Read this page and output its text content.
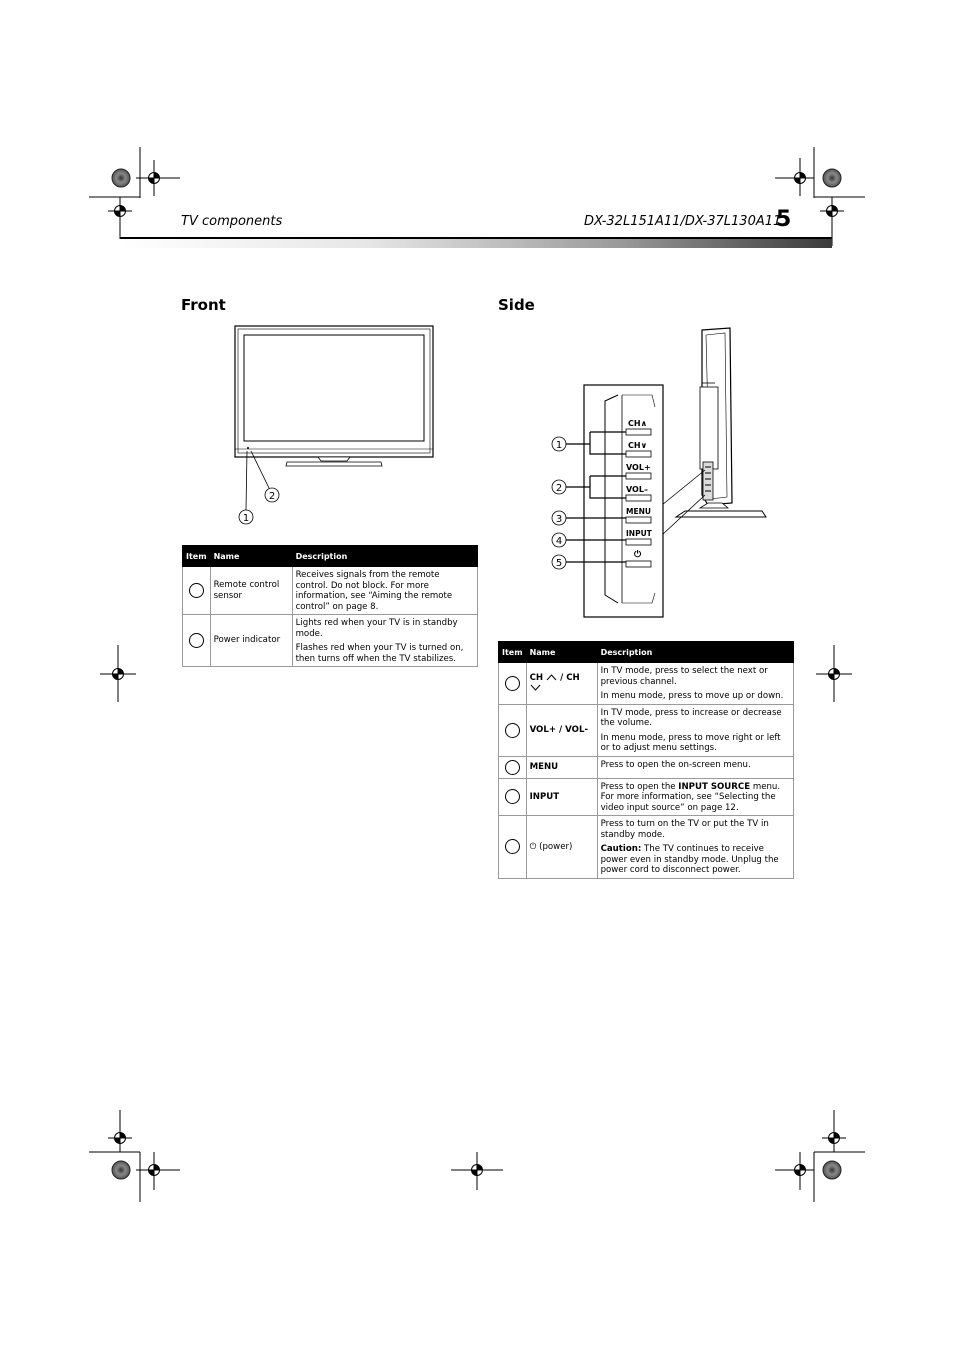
TV components	DX-32L151A11/DX-37L130A11
5
Front
1
2
Item	Name	Description

	Remote control sensor	Receives signals from the remote control. Do not block. For more information, see “Aiming the remote control” on page 8.

	Power indicator	Lights red when your TV is in standby mode.
Flashes red when your TV is turned on, then turns off when the TV stabilizes.
Side
CH∧
CH∨
VOL+
VOL–
MENU
INPUT
⏻
1
2
3
4
5
Item	Name	Description

	CH / CH	In TV mode, press to select the next or previous channel.
In menu mode, press to move up or down.

	VOL+ / VOL-	In TV mode, press to increase or decrease the volume.
In menu mode, press to move right or left or to adjust menu settings.

	MENU	Press to open the on-screen menu.

	INPUT	Press to open the INPUT SOURCE menu. For more information, see “Selecting the video input source” on page 12.

	⏻ (power)	Press to turn on the TV or put the TV in standby mode.
Caution: The TV continues to receive power even in standby mode. Unplug the power cord to disconnect power.
